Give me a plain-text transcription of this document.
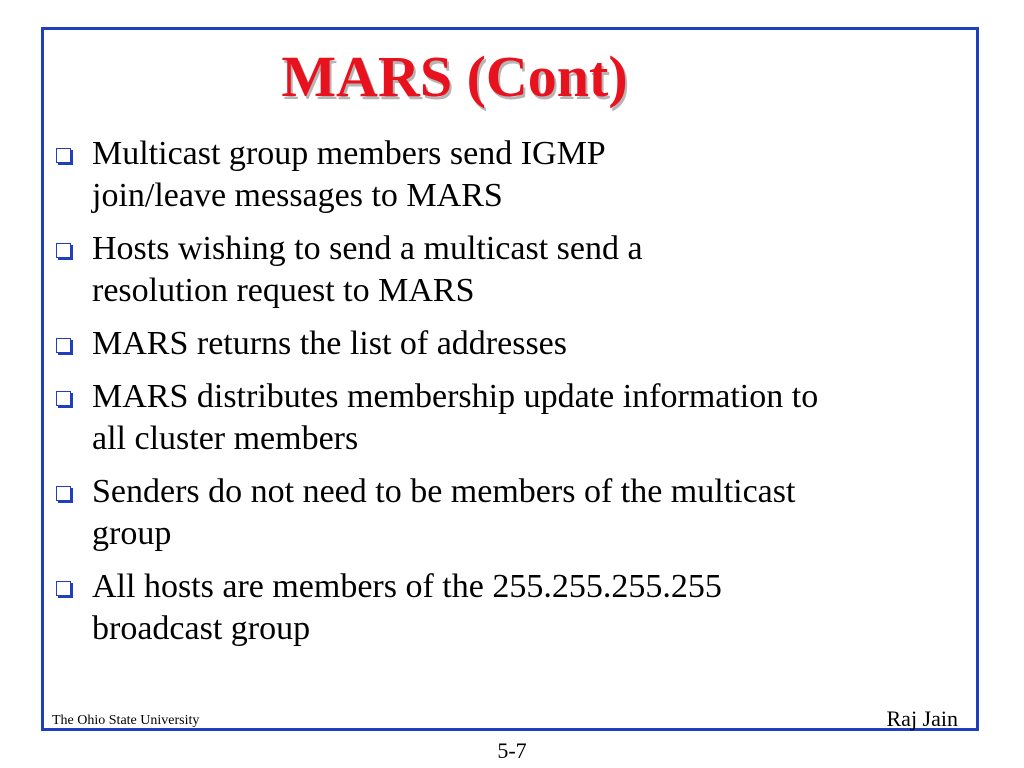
MARS (Cont)
Multicast group members send IGMP
join/leave messages to MARS
Hosts wishing to send a multicast send a
resolution request to MARS
MARS returns the list of addresses
MARS distributes membership update information to
all cluster members
Senders do not need to be members of the multicast
group
All hosts are members of the 255.255.255.255
broadcast group
The Ohio State University	Raj Jain
5-7
